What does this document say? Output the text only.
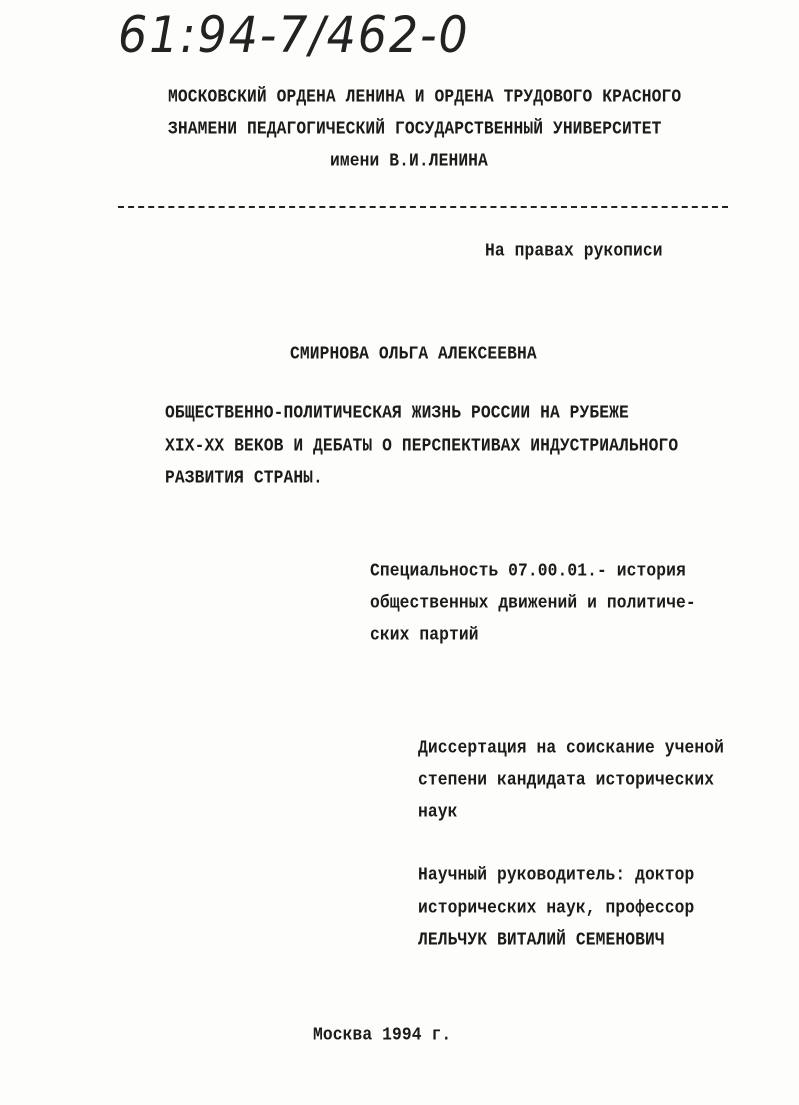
61:94-7/462-0
МОСКОВСКИЙ ОРДЕНА ЛЕНИНА И ОРДЕНА ТРУДОВОГО КРАСНОГО
ЗНАМЕНИ ПЕДАГОГИЧЕСКИЙ ГОСУДАРСТВЕННЫЙ УНИВЕРСИТЕТ
имени В.И.ЛЕНИНА
На правах рукописи
СМИРНОВА ОЛЬГА АЛЕКСЕЕВНА
ОБЩЕСТВЕННО-ПОЛИТИЧЕСКАЯ ЖИЗНЬ РОССИИ НА РУБЕЖЕ
XIX-XX ВЕКОВ И ДЕБАТЫ О ПЕРСПЕКТИВАХ ИНДУСТРИАЛЬНОГО
РАЗВИТИЯ СТРАНЫ.
Специальность 07.00.01.- история
общественных движений и политиче-
ских партий
Диссертация на соискание ученой
степени кандидата исторических
наук
Научный руководитель: доктор
исторических наук, профессор
ЛЕЛЬЧУК ВИТАЛИЙ СЕМЕНОВИЧ
Москва 1994 г.
